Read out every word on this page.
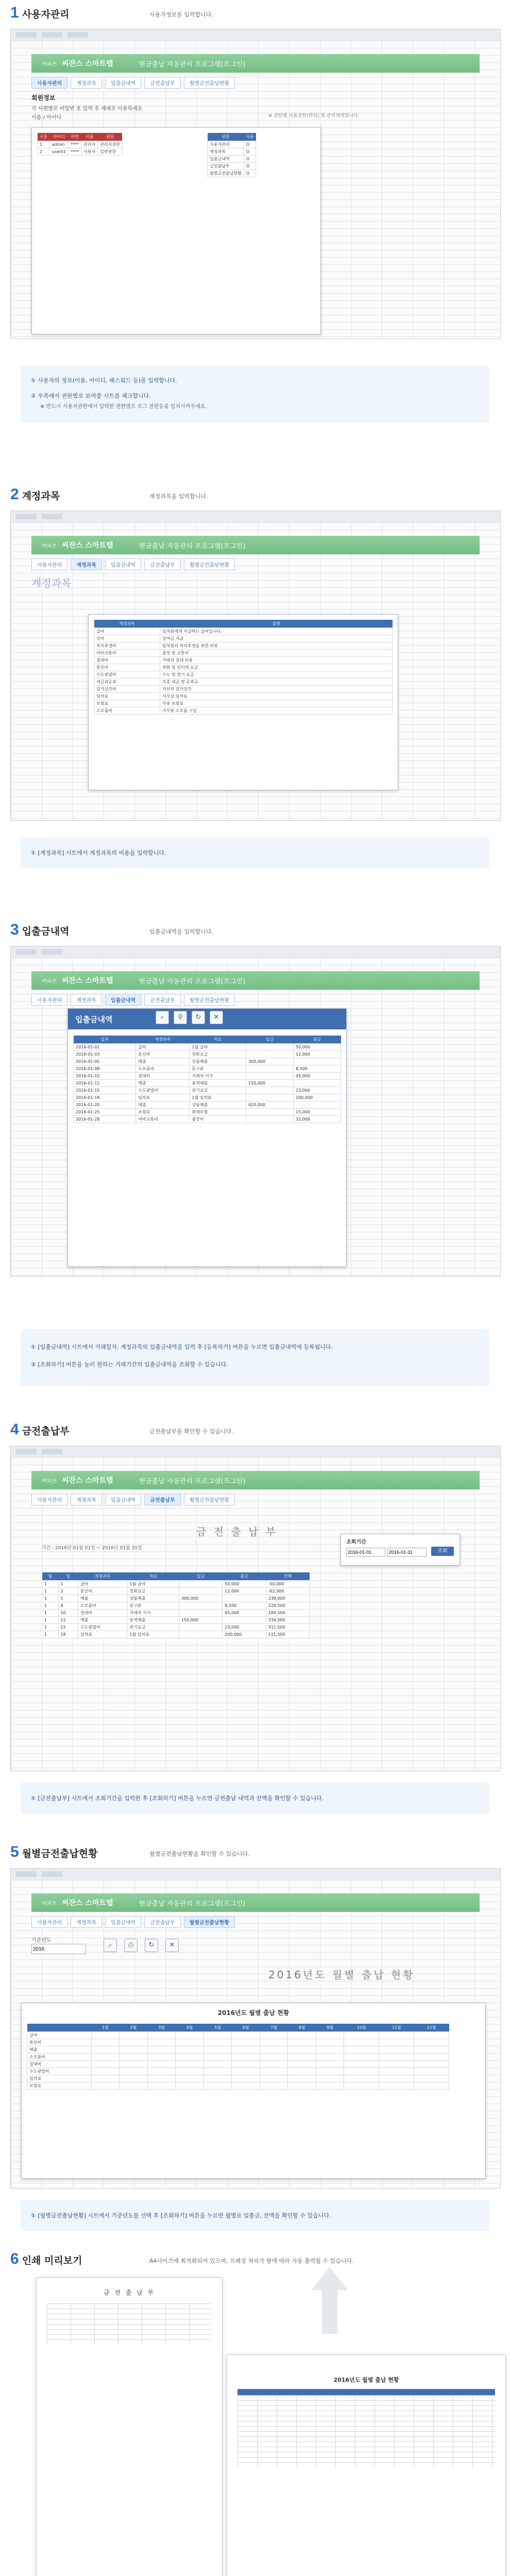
1 사용자관리	사용자정보를 입력합니다.
커피쓰 씨잔스 스마트탭	현금출납 자동관리 프로그램(프그인)
사용자관리	계정과목	입출금내역	금전출납부	월별금전출납현황
회원정보
각 사원별로 비밀번 호 입력 후 제대로 이용하세요
이름 / 아이디	※ 권한별 사용권한(편의) 및 관리체계입니다
구분	아이디	비번	이름	권한
1	admin	****	관리자	관리자권한
2	user01	****	사용자	일반권한
권한	사용
사용자관리	O
계정과목	O
입출금내역	O
금전출납부	O
월별금전출납현황	O
① 사용자의 정보(이름, 아이디, 패스워드 등)를 입력합니다.
② 우측에서 권한별로 보여줄 시트를 체크합니다.
※ 반드시 사용자권한에서 입력한 권한별로 로그 권한등을 일치시켜주세요.
2 계정과목	계정과목을 입력합니다.
커피쓰 씨잔스 스마트탭	현금출납 자동관리 프로그램(프그인)
사용자관리	계정과목	입출금내역	금전출납부	월별금전출납현황
계정과목
계정과목	설명
급여	임직원에게 지급하는 급여입니다.
상여	상여금 지급
복리후생비	임직원의 복리후생을 위한 비용
여비교통비	출장 및 교통비
접대비	거래처 접대 비용
통신비	전화 및 인터넷 요금
수도광열비	수도 및 전기 요금
세금과공과	각종 세금 및 공과금
감가상각비	자산의 감가상각
임차료	사무실 임차료
보험료	각종 보험료
소모품비	사무용 소모품 구입
① [계정과목] 시트에서 계정과목의 비용을 입력합니다.
3 입출금내역	입출금내역을 입력합니다.
커피쓰 씨잔스 스마트탭	현금출납 자동관리 프로그램(프그인)
사용자관리	계정과목	입출금내역	금전출납부	월별금전출납현황
입출금내역	⌕	⚲	↻	✕
일자	계정과목	적요	입금	출금
2016-01-01	급여	1월 급여		50,000
2016-01-03	통신비	전화요금		12,000
2016-01-05	매출	상품매출	300,000	
2016-01-08	소모품비	문구류		8,500
2016-01-10	접대비	거래처 식사		45,000
2016-01-12	매출	용역매출	150,000	
2016-01-15	수도광열비	전기요금		23,000
2016-01-18	임차료	1월 임차료		200,000
2016-01-20	매출	상품매출	420,000	
2016-01-25	보험료	화재보험		15,000
2016-01-28	여비교통비	출장비		32,000
① [입출금내역] 시트에서 거래일자, 계정과목의 입출금내역을 입력 후 [등록하기] 버튼을 누르면 입출금내역에 등록됩니다.
② [조회하기] 버튼을 눌러 원하는 거래기간의 입출금내역을 조회할 수 있습니다.
4 금전출납부	금전출납부를 확인할 수 있습니다.
커피쓰 씨잔스 스마트탭	현금출납 자동관리 프로그램(프그인)
사용자관리	계정과목	입출금내역	금전출납부	월별금전출납현황
금 전 출 납 부
기간 : 2016년 01월 01일 ~ 2016년 01월 31일
조회기간
2016-01-01
2016-01-31
조회
월	일	계정과목	적요	입금	출금	잔액
1	1	급여	1월 급여		50,000	-50,000
1	3	통신비	전화요금		12,000	-62,000
1	5	매출	상품매출	300,000		238,000
1	8	소모품비	문구류		8,500	229,500
1	10	접대비	거래처 식사		45,000	184,500
1	12	매출	용역매출	150,000		334,500
1	15	수도광열비	전기요금		23,000	311,500
1	18	임차료	1월 임차료		200,000	111,500
① [금전출납부] 시트에서 조회기간을 입력한 후 [조회하기] 버튼을 누르면 금전출납 내역과 잔액을 확인할 수 있습니다.
5 월별금전출납현황	월별금전출납현황을 확인할 수 있습니다.
커피쓰 씨잔스 스마트탭	현금출납 자동관리 프로그램(프그인)
사용자관리	계정과목	입출금내역	금전출납부	월별금전출납현황
기준년도
2016
⌕	⎙	↻	✕
2016년도 월별 출납 현황
2016년도 월별 출납 현황
	1월	2월	3월	4월	5월	6월	7월	8월	9월	10월	11월	12월
급여												
통신비												
매출												
소모품비												
접대비												
수도광열비												
임차료												
보험료												
① [월별금전출납현황] 시트에서 기준년도를 선택 후 [조회하기] 버튼을 누르면 월별로 입출금, 잔액을 확인할 수 있습니다.
6 인쇄 미리보기	A4사이즈에 최적화되어 있으며, 프페징 처리가 항에 따라 자동 출력될 수 있습니다.
금 전 출 납 부
2016년도 월별 출납 현황
